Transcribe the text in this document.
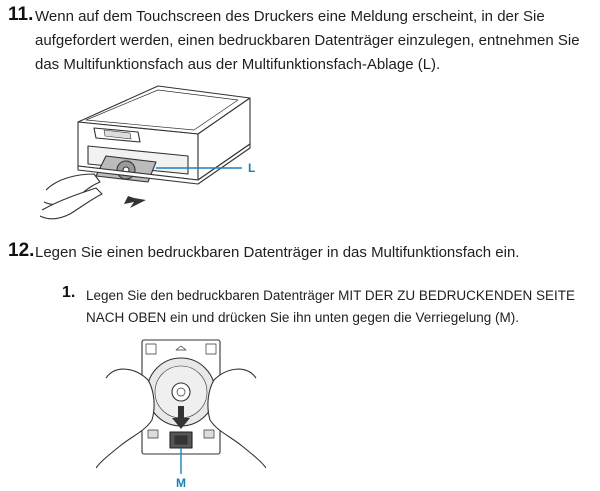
11. Wenn auf dem Touchscreen des Druckers eine Meldung erscheint, in der Sie aufgefordert werden, einen bedruckbaren Datenträger einzulegen, entnehmen Sie das Multifunktionsfach aus der Multifunktionsfach-Ablage (L).
L
12. Legen Sie einen bedruckbaren Datenträger in das Multifunktionsfach ein.
1. Legen Sie den bedruckbaren Datenträger MIT DER ZU BEDRUCKENDEN SEITE NACH OBEN ein und drücken Sie ihn unten gegen die Verriegelung (M).
M
